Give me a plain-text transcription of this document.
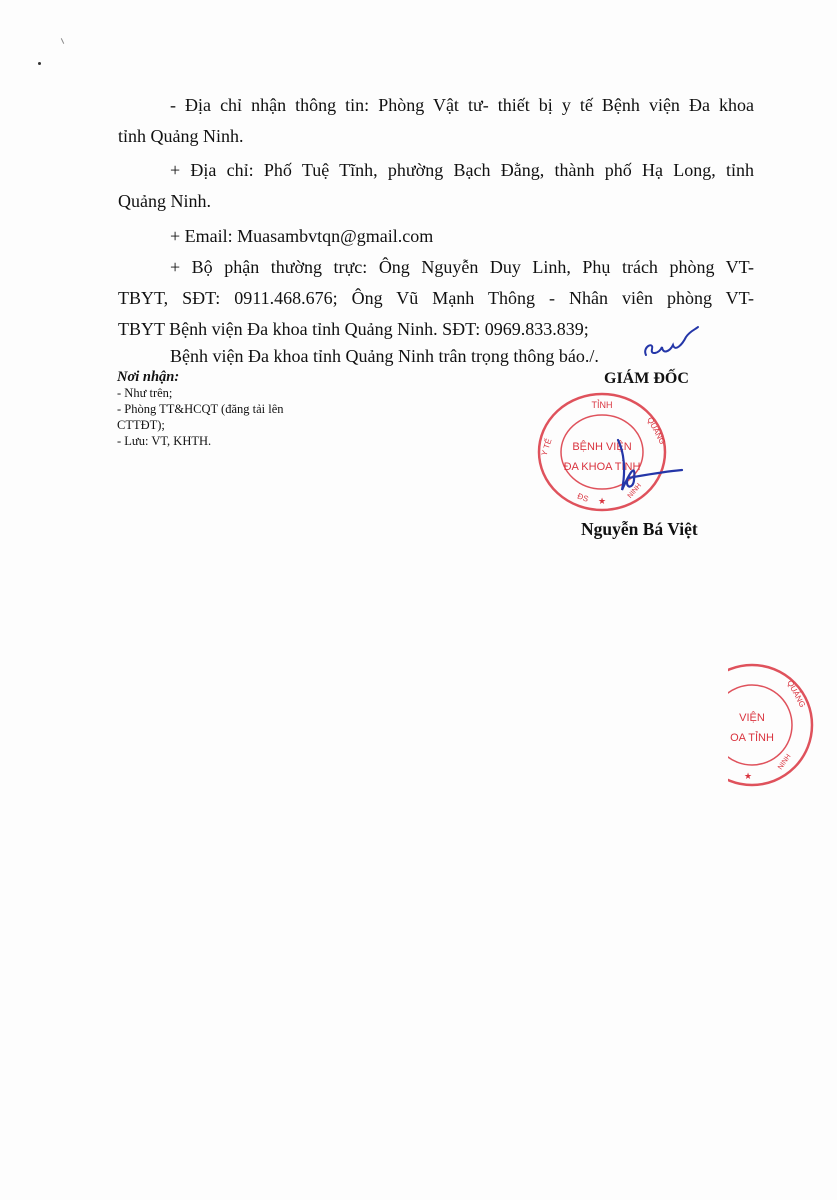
- Địa chỉ nhận thông tin: Phòng Vật tư- thiết bị y tế Bệnh viện Đa khoa

tỉnh Quảng Ninh.

+ Địa chỉ: Phố Tuệ Tĩnh, phường Bạch Đằng, thành phố Hạ Long, tỉnh

Quảng Ninh.

+ Email: Muasambvtqn@gmail.com

+ Bộ phận thường trực: Ông Nguyễn Duy Linh, Phụ trách phòng VT-

TBYT, SĐT: 0911.468.676; Ông Vũ Mạnh Thông - Nhân viên phòng VT-

TBYT Bệnh viện Đa khoa tỉnh Quảng Ninh. SĐT: 0969.833.839;

Bệnh viện Đa khoa tỉnh Quảng Ninh trân trọng thông báo./.

Nơi nhận:
- Như trên;
- Phòng TT&HCQT (đăng tải lên
CTTĐT);
- Lưu: VT, KHTH.
GIÁM ĐỐC
TỈNH
BỆNH VIỆN
ĐA KHOA TỈNH
QUẢNG
Y TẾ
ĐS	NINH
★
Nguyễn Bá Việt
VIỆN
OA TỈNH
QUẢNG
NINH
★
